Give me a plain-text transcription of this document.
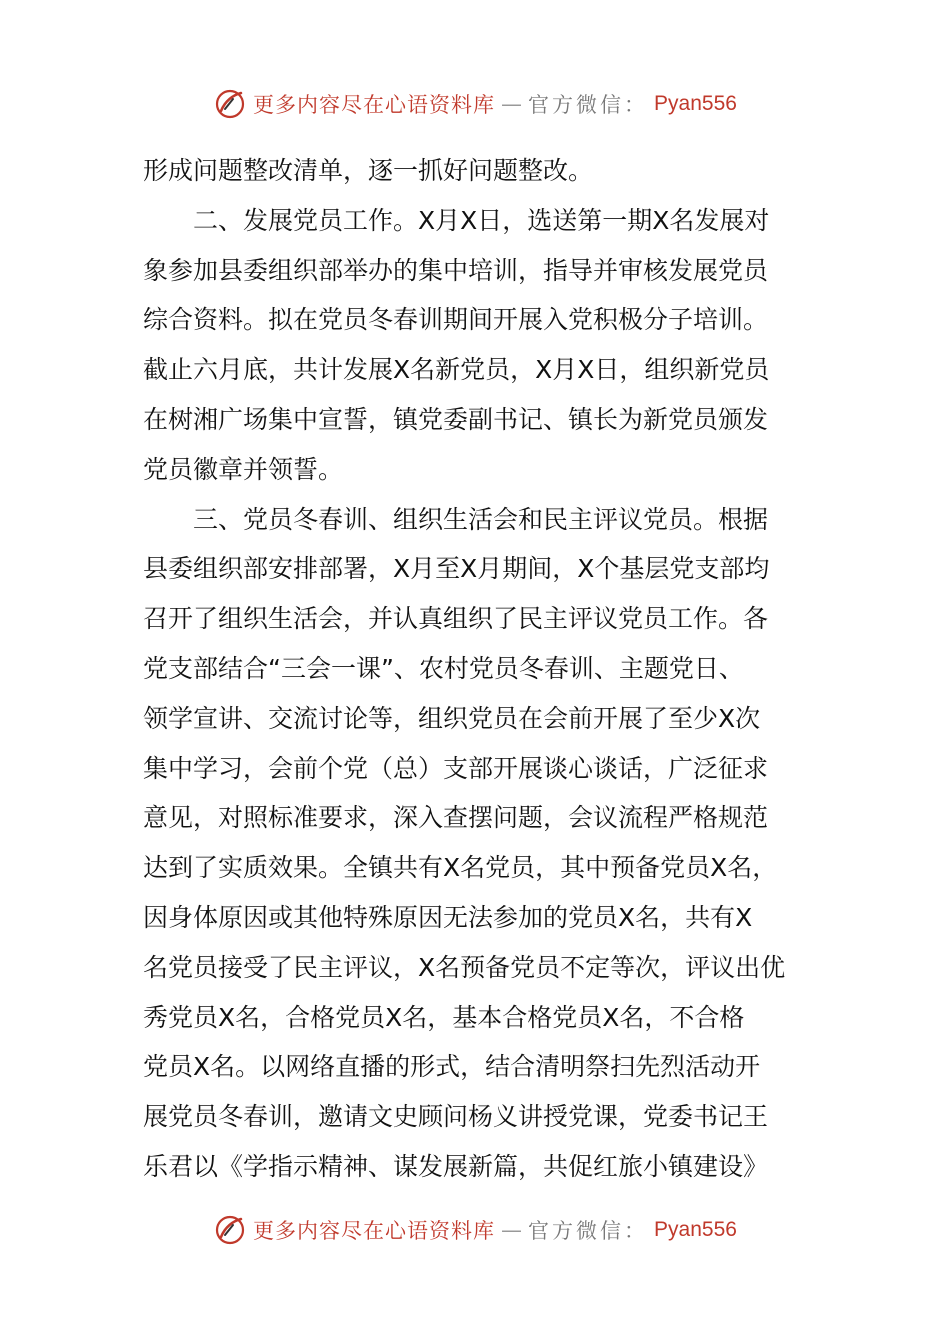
更多内容尽在心语资料库 — 官方微信： Pyan556
形成问题整改清单，逐一抓好问题整改。
二、发展党员工作。X月X日，选送第一期X名发展对
象参加县委组织部举办的集中培训，指导并审核发展党员
综合资料。拟在党员冬春训期间开展入党积极分子培训。
截止六月底，共计发展X名新党员，X月X日，组织新党员
在树湘广场集中宣誓，镇党委副书记、镇长为新党员颁发
党员徽章并领誓。
三、党员冬春训、组织生活会和民主评议党员。根据
县委组织部安排部署，X月至X月期间，X个基层党支部均
召开了组织生活会，并认真组织了民主评议党员工作。各
党支部结合“三会一课”、农村党员冬春训、主题党日、
领学宣讲、交流讨论等，组织党员在会前开展了至少X次
集中学习，会前个党（总）支部开展谈心谈话，广泛征求
意见，对照标准要求，深入查摆问题，会议流程严格规范
达到了实质效果。全镇共有X名党员，其中预备党员X名，
因身体原因或其他特殊原因无法参加的党员X名，共有X
名党员接受了民主评议，X名预备党员不定等次，评议出优
秀党员X名，合格党员X名，基本合格党员X名，不合格
党员X名。以网络直播的形式，结合清明祭扫先烈活动开
展党员冬春训，邀请文史顾问杨义讲授党课，党委书记王
乐君以《学指示精神、谋发展新篇，共促红旅小镇建设》
更多内容尽在心语资料库 — 官方微信： Pyan556
